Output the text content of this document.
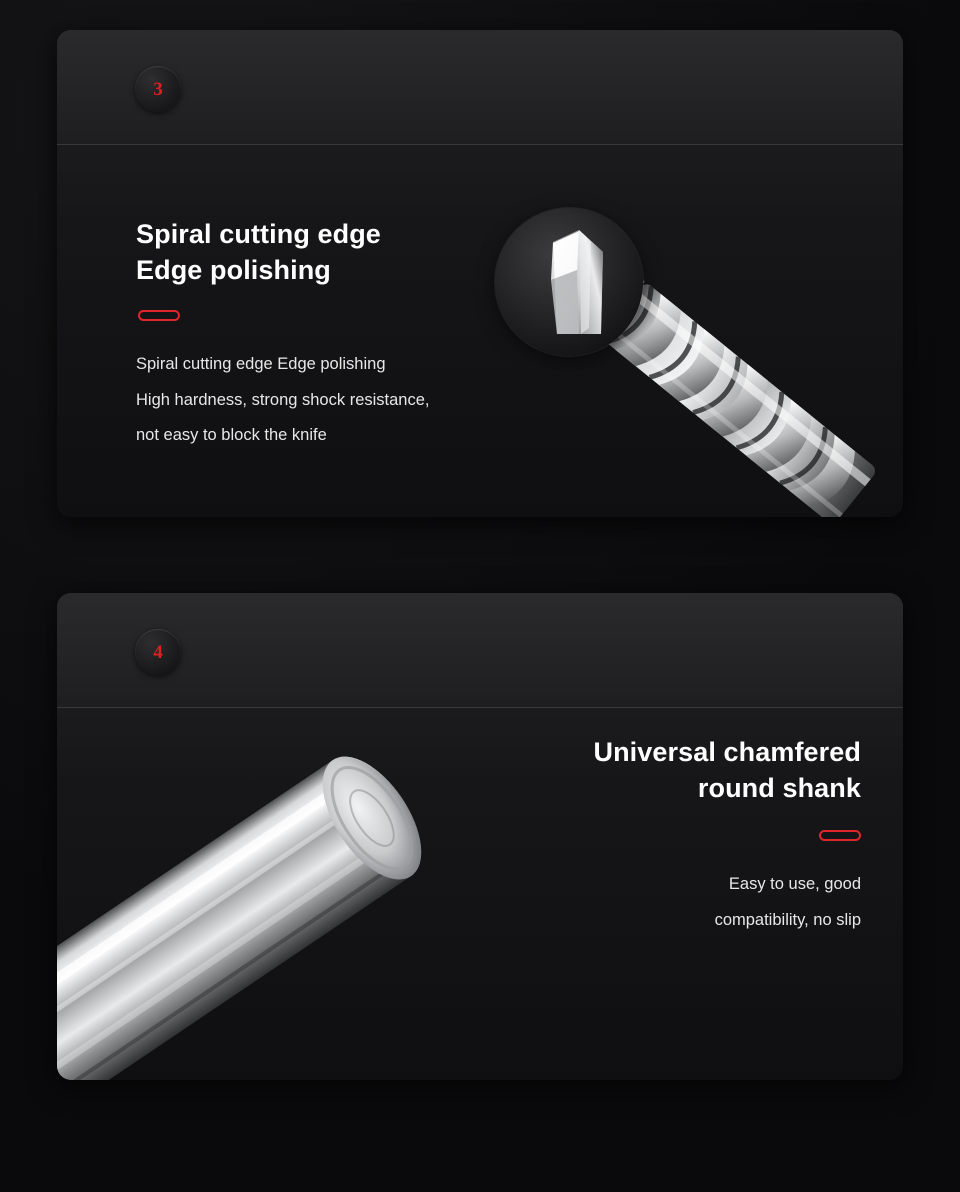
3
Spiral cutting edge
Edge polishing
Spiral cutting edge Edge polishing
High hardness, strong shock resistance,
not easy to block the knife
4
Universal chamfered
round shank
Easy to use, good
compatibility, no slip
